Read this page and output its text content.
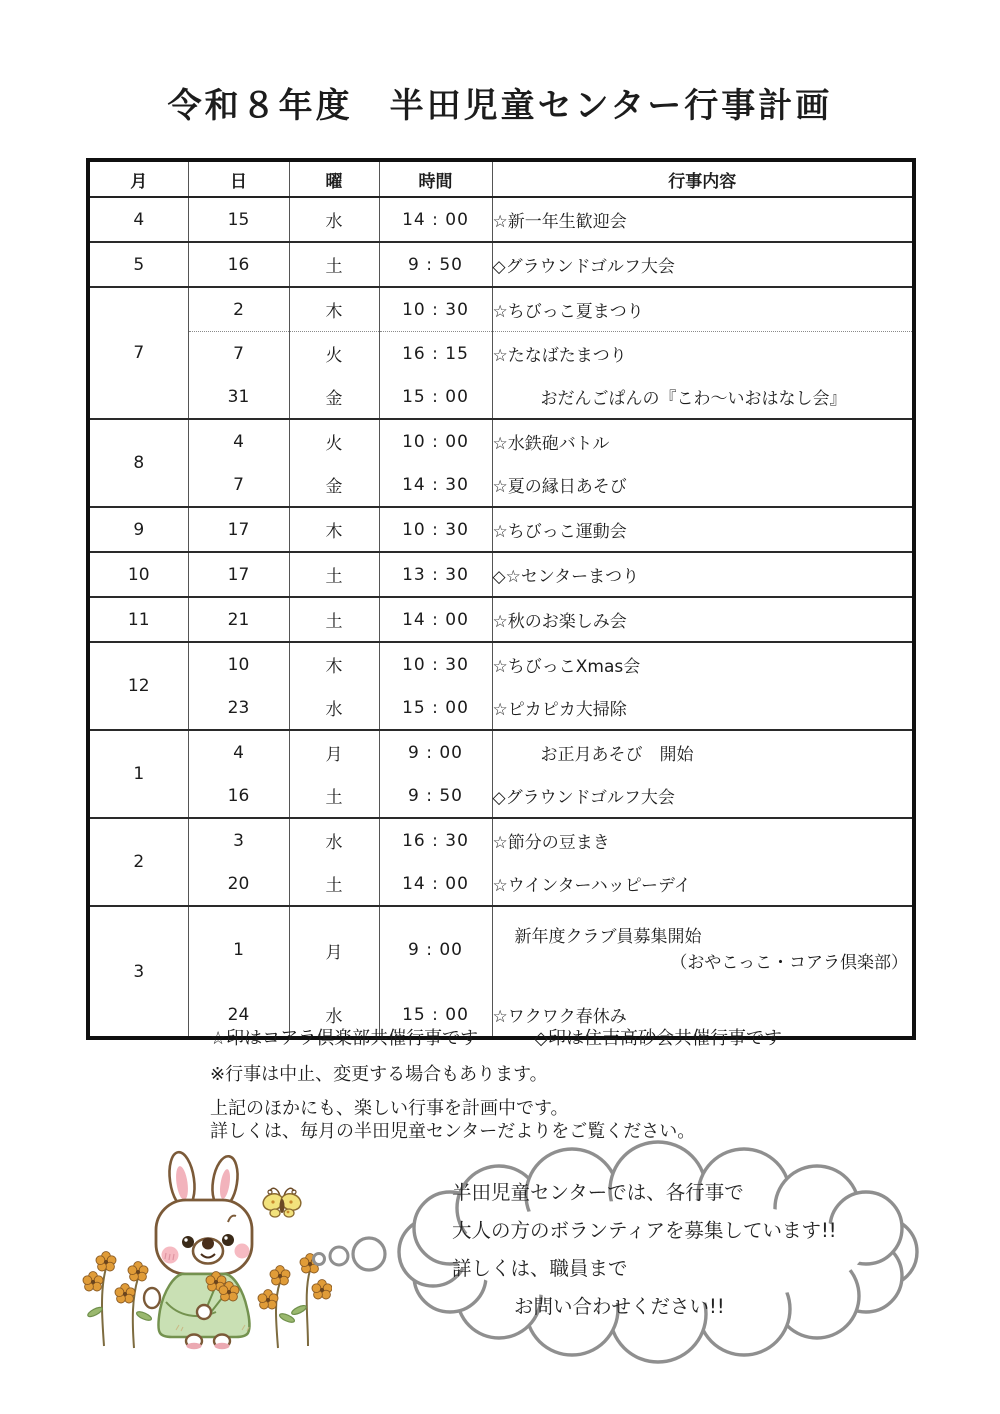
令和８年度　半田児童センター行事計画
月	日	曜	時間	行事内容
4	15	水	14 : 00	☆新一年生歓迎会
5	16	土	9 : 50	◇グラウンドゴルフ大会
7	2	木	10 : 30	☆ちびっこ夏まつり
	7	火	16 : 15	☆たなばたまつり
	31	金	15 : 00	おだんごぱんの『こわ～いおはなし会』
8	4	火	10 : 00	☆水鉄砲バトル
	7	金	14 : 30	☆夏の縁日あそび
9	17	木	10 : 30	☆ちびっこ運動会
10	17	土	13 : 30	◇☆センターまつり
11	21	土	14 : 00	☆秋のお楽しみ会
12	10	木	10 : 30	☆ちびっこXmas会
	23	水	15 : 00	☆ピカピカ大掃除
1	4	月	9 : 00	お正月あそび　開始
	16	土	9 : 50	◇グラウンドゴルフ大会
2	3	水	16 : 30	☆節分の豆まき
	20	土	14 : 00	☆ウインターハッピーデイ
3	1	月	9 : 00	新年度クラブ員募集開始
（おやこっこ・コアラ倶楽部）

	24	水	15 : 00	☆ワクワク春休み
☆印はコアラ倶楽部共催行事です	◇印は住吉高砂会共催行事です
※行事は中止、変更する場合もあります。
上記のほかにも、楽しい行事を計画中です。
詳しくは、毎月の半田児童センターだよりをご覧ください。
半田児童センターでは、各行事で
大人の方のボランティアを募集しています!!
詳しくは、職員まで
お問い合わせください!!
